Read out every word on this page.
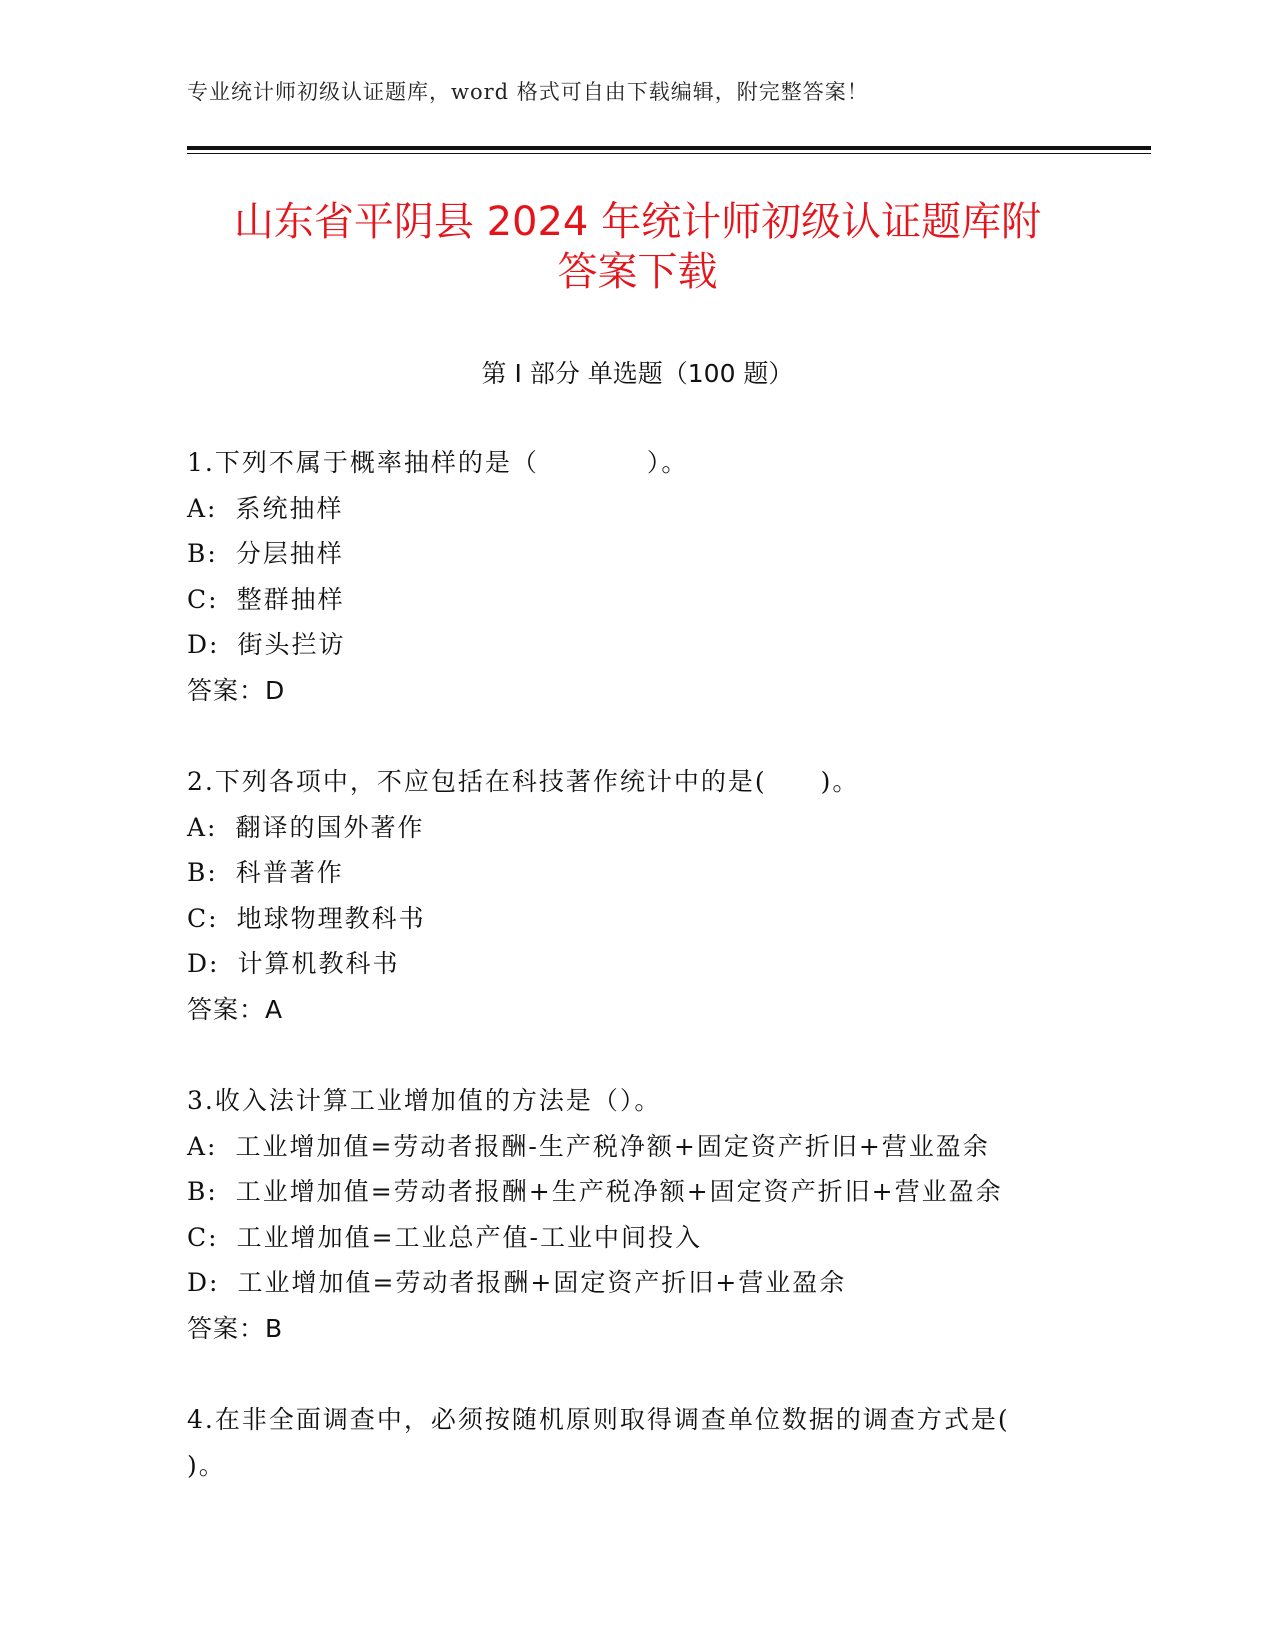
专业统计师初级认证题库，word 格式可自由下载编辑，附完整答案！
山东省平阴县 2024 年统计师初级认证题库附
答案下载
第 I 部分 单选题（100 题）
1.下列不属于概率抽样的是（　　　　）。
A: 系统抽样
B: 分层抽样
C: 整群抽样
D: 街头拦访
答案：D
2.下列各项中，不应包括在科技著作统计中的是(　　)。
A: 翻译的国外著作
B: 科普著作
C: 地球物理教科书
D: 计算机教科书
答案：A
3.收入法计算工业增加值的方法是（）。
A: 工业增加值=劳动者报酬-生产税净额+固定资产折旧+营业盈余
B: 工业增加值=劳动者报酬+生产税净额+固定资产折旧+营业盈余
C: 工业增加值=工业总产值-工业中间投入
D: 工业增加值=劳动者报酬+固定资产折旧+营业盈余
答案：B
4.在非全面调查中，必须按随机原则取得调查单位数据的调查方式是(
)。
